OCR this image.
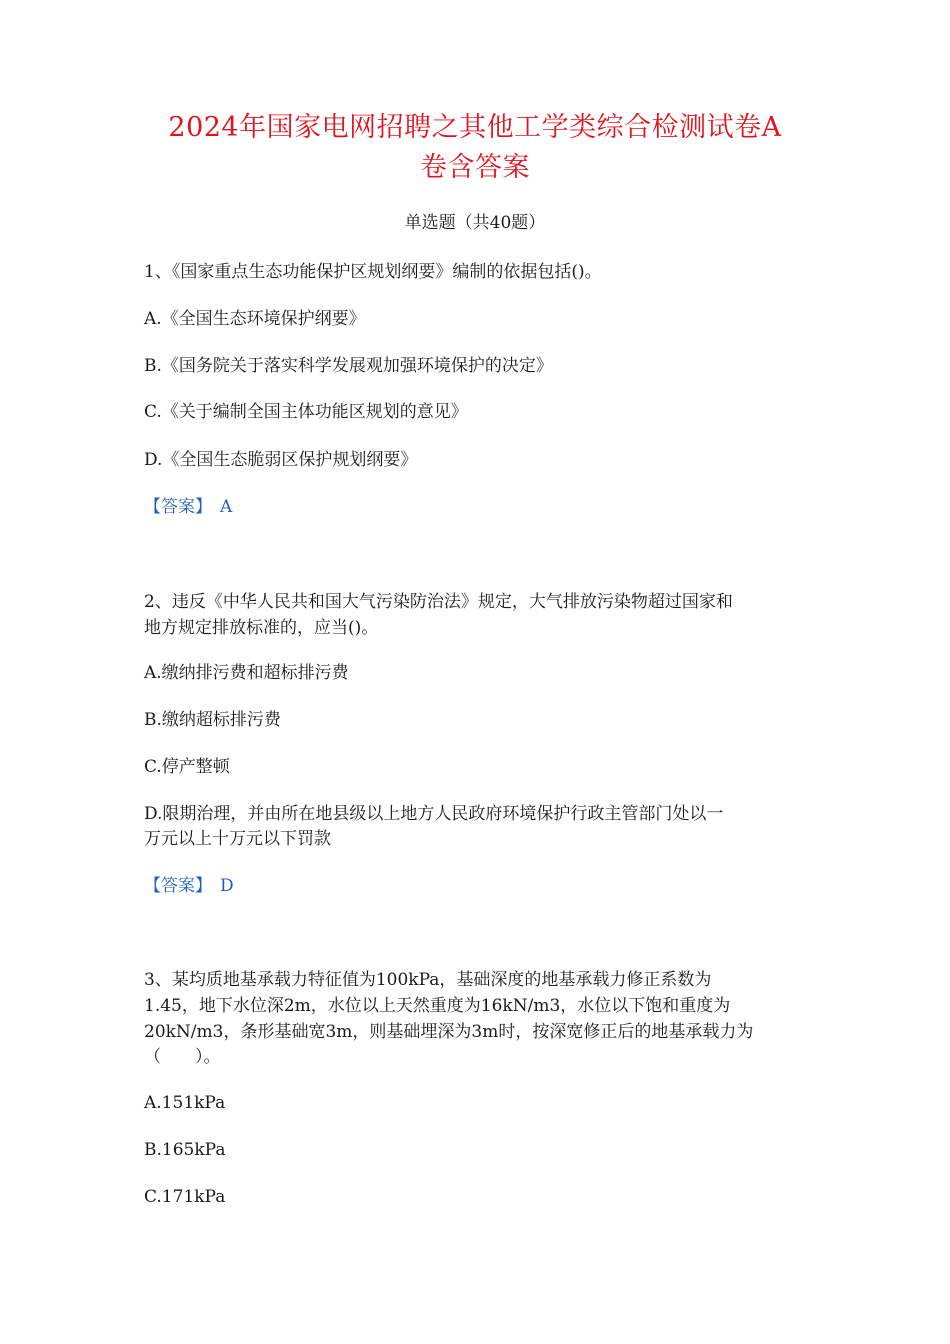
2024年国家电网招聘之其他工学类综合检测试卷A
卷含答案
单选题（共40题）
1、《国家重点生态功能保护区规划纲要》编制的依据包括()。
A.《全国生态环境保护纲要》
B.《国务院关于落实科学发展观加强环境保护的决定》
C.《关于编制全国主体功能区规划的意见》
D.《全国生态脆弱区保护规划纲要》
【答案】 A
2、违反《中华人民共和国大气污染防治法》规定，大气排放污染物超过国家和
地方规定排放标准的，应当()。
A.缴纳排污费和超标排污费
B.缴纳超标排污费
C.停产整顿
D.限期治理，并由所在地县级以上地方人民政府环境保护行政主管部门处以一
万元以上十万元以下罚款
【答案】 D
3、某均质地基承载力特征值为100kPa，基础深度的地基承载力修正系数为
1.45，地下水位深2m，水位以上天然重度为16kN/m3，水位以下饱和重度为
20kN/m3，条形基础宽3m，则基础埋深为3m时，按深宽修正后的地基承载力为
（　　）。
A.151kPa
B.165kPa
C.171kPa
